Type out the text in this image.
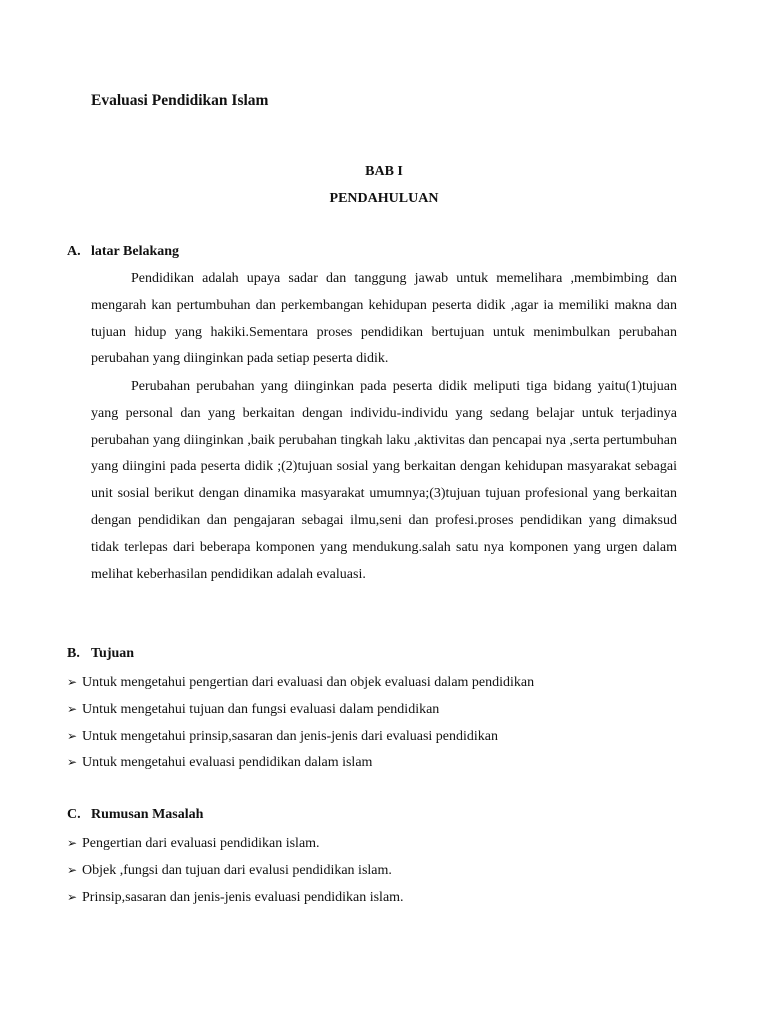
Evaluasi Pendidikan Islam
BAB I
PENDAHULUAN
A. latar Belakang

Pendidikan adalah upaya sadar dan tanggung jawab untuk memelihara ,membimbing dan mengarah kan pertumbuhan dan perkembangan kehidupan peserta didik ,agar ia memiliki makna dan tujuan hidup yang hakiki.Sementara proses pendidikan bertujuan untuk menimbulkan perubahan perubahan yang diinginkan pada setiap peserta didik.

Perubahan perubahan yang diinginkan pada peserta didik meliputi tiga bidang yaitu(1)tujuan yang personal dan yang berkaitan dengan individu-individu yang sedang belajar untuk terjadinya perubahan yang diinginkan ,baik perubahan tingkah laku ,aktivitas dan pencapai nya ,serta pertumbuhan yang diingini pada peserta didik ;(2)tujuan sosial yang berkaitan dengan kehidupan masyarakat sebagai unit sosial berikut dengan dinamika masyarakat umumnya;(3)tujuan tujuan profesional yang berkaitan dengan pendidikan dan pengajaran sebagai ilmu,seni dan profesi.proses pendidikan yang dimaksud tidak terlepas dari beberapa komponen yang mendukung.salah satu nya komponen yang urgen dalam melihat keberhasilan pendidikan adalah evaluasi.

B. Tujuan
➢ Untuk mengetahui pengertian dari evaluasi dan objek evaluasi dalam pendidikan
➢ Untuk mengetahui tujuan dan fungsi evaluasi dalam pendidikan
➢ Untuk mengetahui prinsip,sasaran dan jenis-jenis dari evaluasi pendidikan
➢ Untuk mengetahui evaluasi pendidikan dalam islam
C. Rumusan Masalah
➢ Pengertian dari evaluasi pendidikan islam.
➢ Objek ,fungsi dan tujuan dari evalusi pendidikan islam.
➢ Prinsip,sasaran dan jenis-jenis evaluasi pendidikan islam.
